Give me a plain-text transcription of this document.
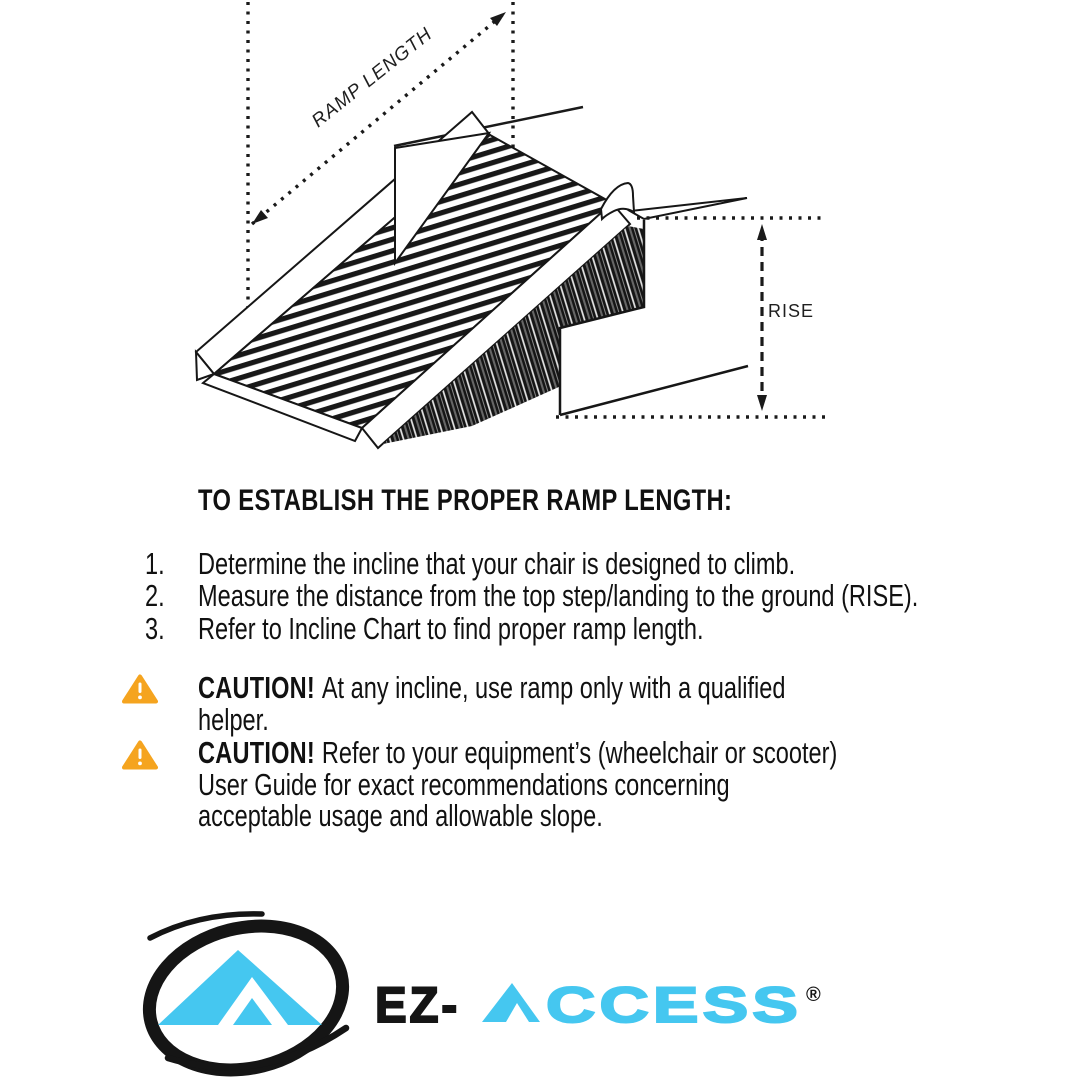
RAMP LENGTH
RISE
TO ESTABLISH THE PROPER RAMP LENGTH:
1. Determine the incline that your chair is designed to climb.
2. Measure the distance from the top step/landing to the ground (RISE).
3. Refer to Incline Chart to find proper ramp length.
CAUTION! At any incline, use ramp only with a qualified
helper.
CAUTION! Refer to your equipment’s (wheelchair or scooter)
User Guide for exact recommendations concerning
acceptable usage and allowable slope.
EZ- CCESS ®
